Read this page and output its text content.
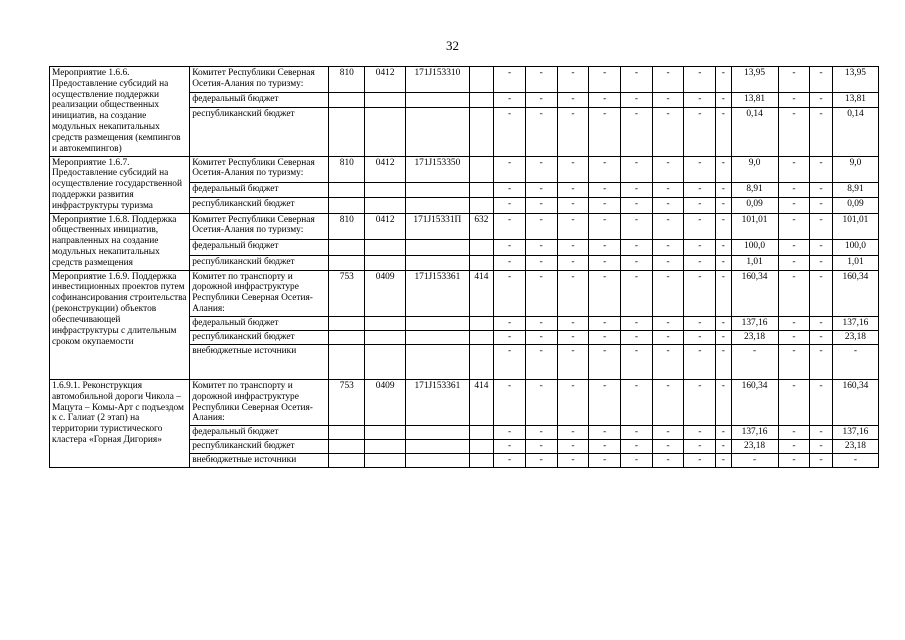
32
Мероприятие 1.6.6. Предоставление субсидий на осуществление поддержки реализации общественных инициатив, на создание модульных некапитальных средств размещения (кемпингов и автокемпингов)	Комитет Республики Северная Осетия-Алания по туризму:	810	0412	171J153310		-	-	-	-	-	-	-	-	13,95	-	-	13,95
	федеральный бюджет					-	-	-	-	-	-	-	-	13,81	-	-	13,81
	республиканский бюджет					-	-	-	-	-	-	-	-	0,14	-	-	0,14
Мероприятие 1.6.7. Предоставление субсидий на осуществление государственной поддержки развития инфраструктуры туризма	Комитет Республики Северная Осетия-Алания по туризму:	810	0412	171J153350		-	-	-	-	-	-	-	-	9,0	-	-	9,0
	федеральный бюджет					-	-	-	-	-	-	-	-	8,91	-	-	8,91
	республиканский бюджет					-	-	-	-	-	-	-	-	0,09	-	-	0,09
Мероприятие 1.6.8. Поддержка общественных инициатив, направленных на создание модульных некапитальных средств размещения	Комитет Республики Северная Осетия-Алания по туризму:	810	0412	171J15331П	632	-	-	-	-	-	-	-	-	101,01	-	-	101,01
	федеральный бюджет					-	-	-	-	-	-	-	-	100,0	-	-	100,0
	республиканский бюджет					-	-	-	-	-	-	-	-	1,01	-	-	1,01
Мероприятие 1.6.9. Поддержка инвестиционных проектов путем софинансирования строительства (реконструкции) объектов обеспечивающей инфраструктуры с длительным сроком окупаемости	Комитет по транспорту и дорожной инфраструктуре Республики Северная Осетия-Алания:	753	0409	171J153361	414	-	-	-	-	-	-	-	-	160,34	-	-	160,34
	федеральный бюджет					-	-	-	-	-	-	-	-	137,16	-	-	137,16
	республиканский бюджет					-	-	-	-	-	-	-	-	23,18	-	-	23,18
	внебюджетные источники					-	-	-	-	-	-	-	-	-	-	-	-
1.6.9.1. Реконструкция автомобильной дороги Чикола – Мацута – Комы-Арт с подъездом к с. Галиат (2 этап) на территории туристического кластера «Горная Дигория»	Комитет по транспорту и дорожной инфраструктуре Республики Северная Осетия-Алания:	753	0409	171J153361	414	-	-	-	-	-	-	-	-	160,34	-	-	160,34
	федеральный бюджет					-	-	-	-	-	-	-	-	137,16	-	-	137,16
	республиканский бюджет					-	-	-	-	-	-	-	-	23,18	-	-	23,18
	внебюджетные источники					-	-	-	-	-	-	-	-	-	-	-	-
